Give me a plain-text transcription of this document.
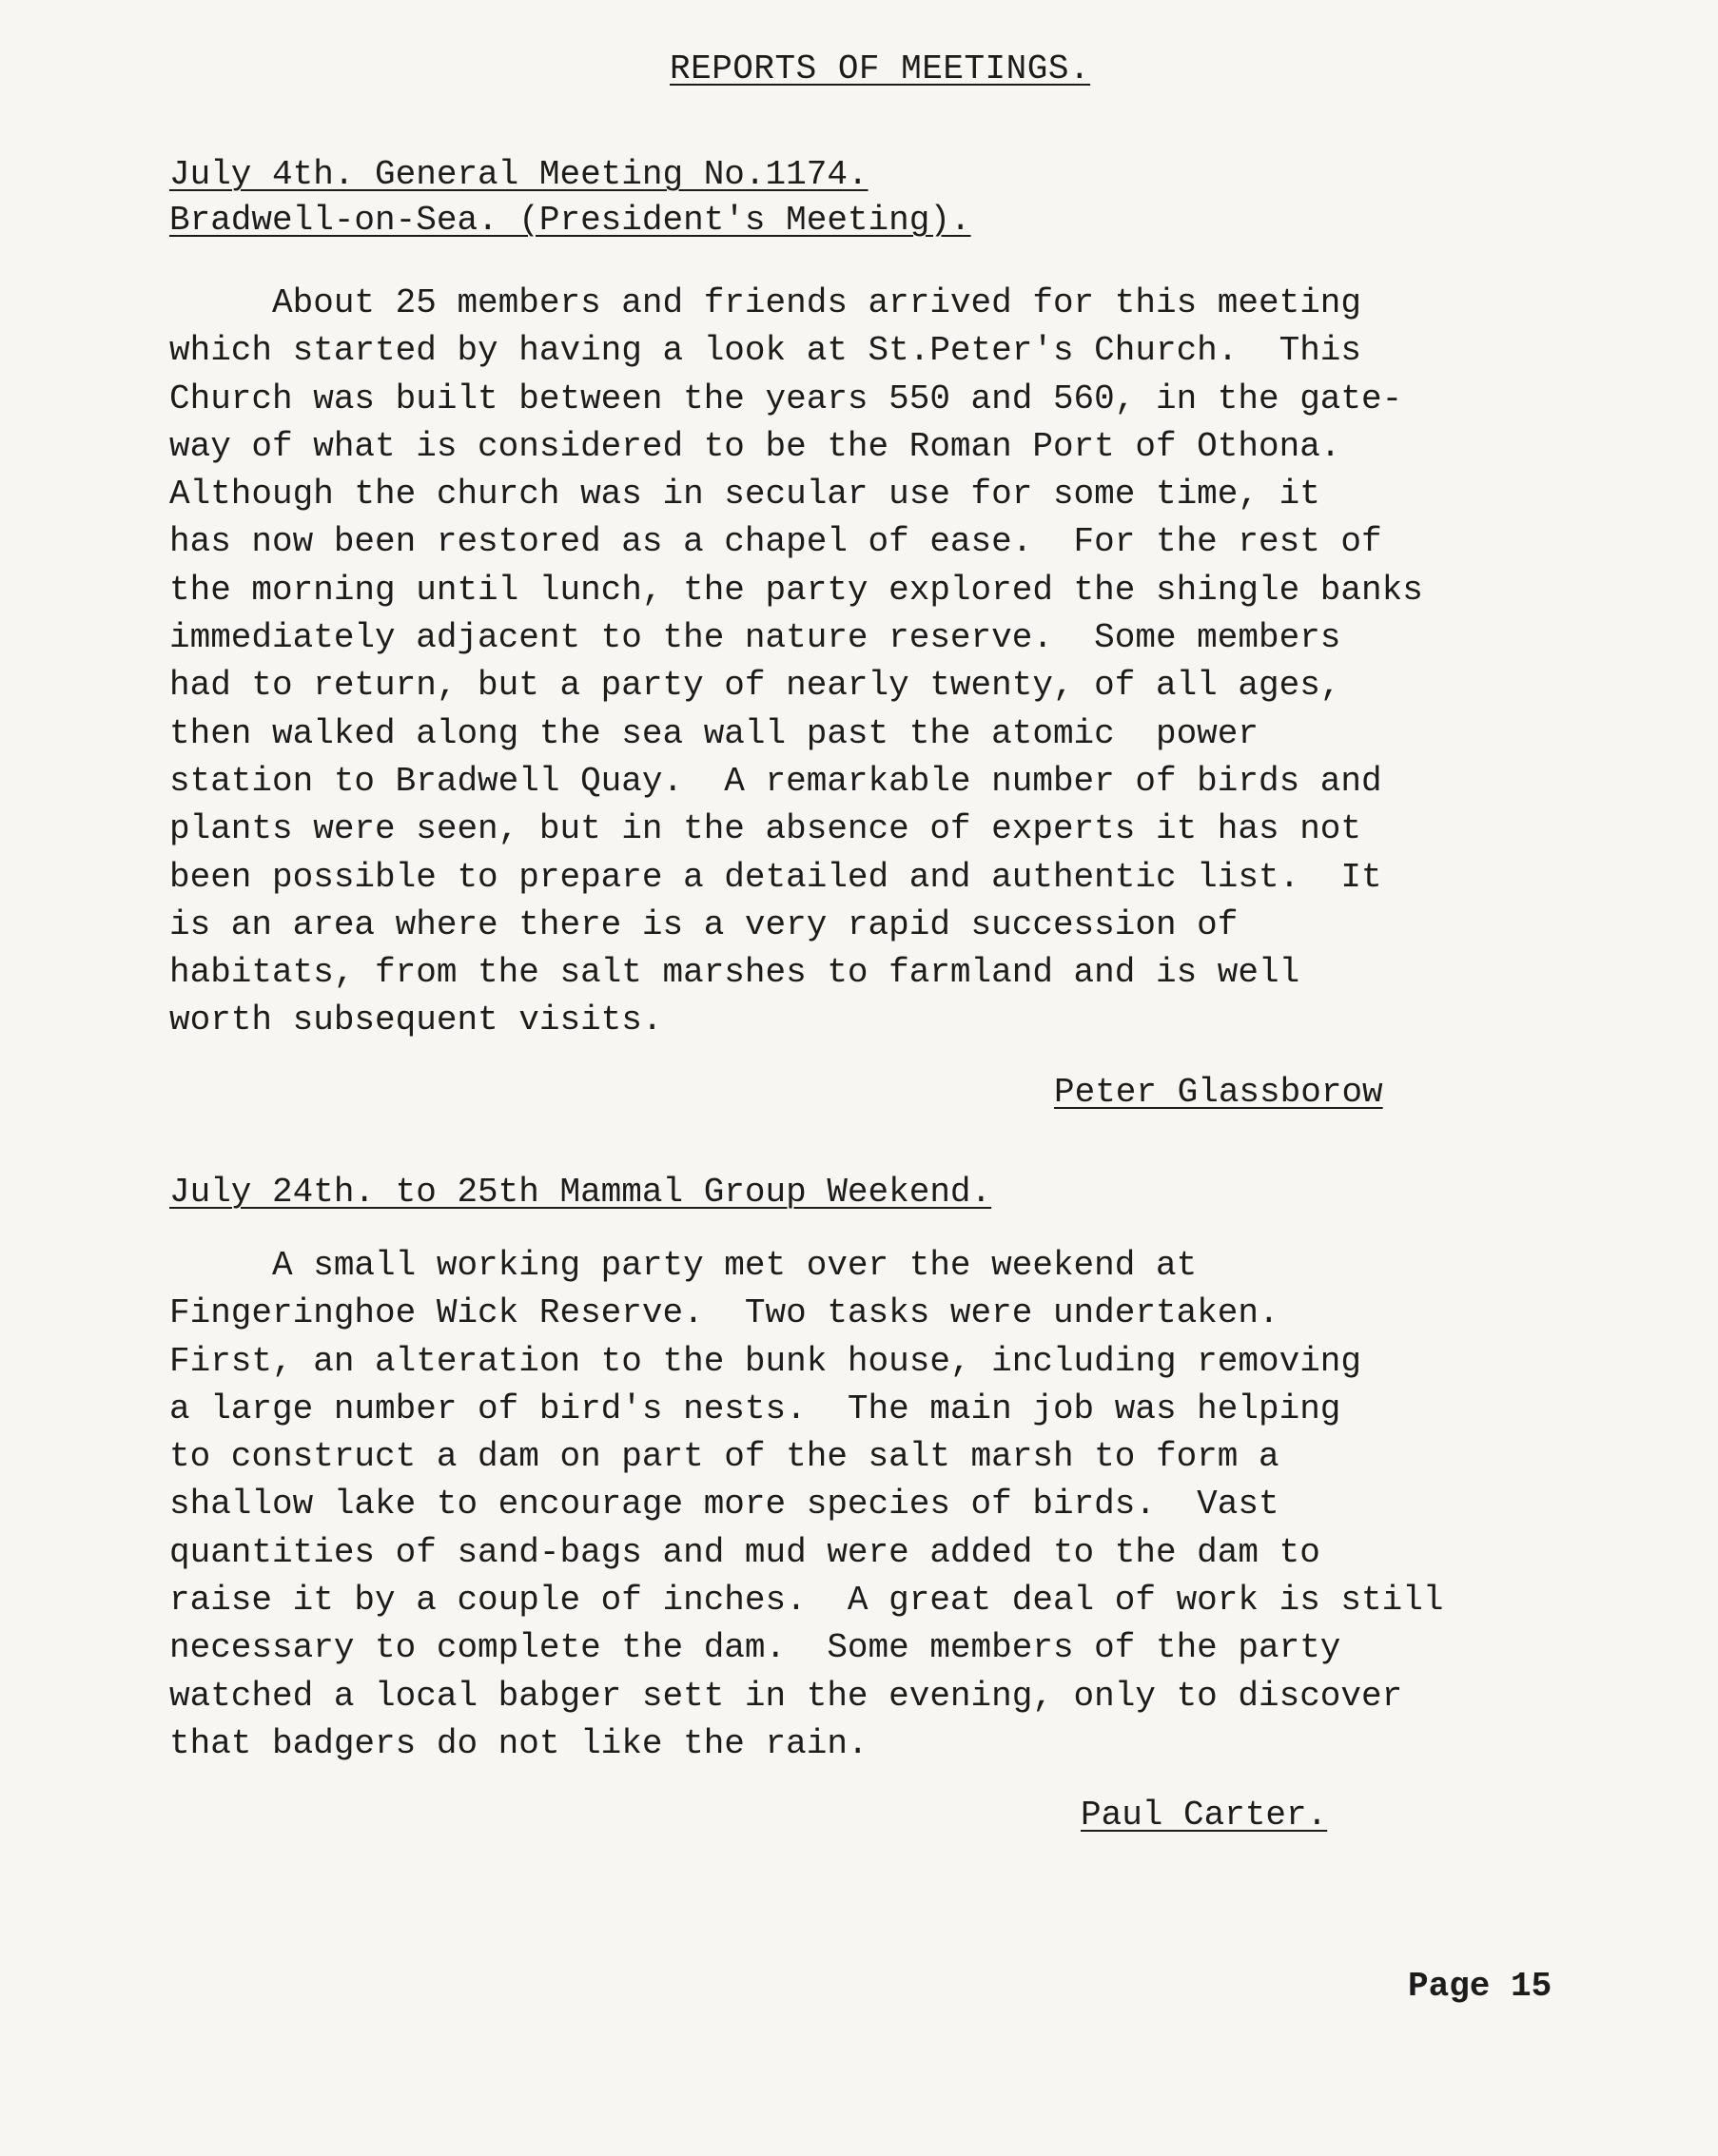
REPORTS OF MEETINGS.
July 4th. General Meeting No.1174.
Bradwell-on-Sea. (President's Meeting).

About 25 members and friends arrived for this meeting
which started by having a look at St.Peter's Church.  This
Church was built between the years 550 and 560, in the gate-
way of what is considered to be the Roman Port of Othona.
Although the church was in secular use for some time, it
has now been restored as a chapel of ease.  For the rest of
the morning until lunch, the party explored the shingle banks
immediately adjacent to the nature reserve.  Some members
had to return, but a party of nearly twenty, of all ages,
then walked along the sea wall past the atomic  power
station to Bradwell Quay.  A remarkable number of birds and
plants were seen, but in the absence of experts it has not
been possible to prepare a detailed and authentic list.  It
is an area where there is a very rapid succession of
habitats, from the salt marshes to farmland and is well
worth subsequent visits.

Peter Glassborow
July 24th. to 25th Mammal Group Weekend.

A small working party met over the weekend at
Fingeringhoe Wick Reserve.  Two tasks were undertaken.
First, an alteration to the bunk house, including removing
a large number of bird's nests.  The main job was helping
to construct a dam on part of the salt marsh to form a
shallow lake to encourage more species of birds.  Vast
quantities of sand-bags and mud were added to the dam to
raise it by a couple of inches.  A great deal of work is still
necessary to complete the dam.  Some members of the party
watched a local babger sett in the evening, only to discover
that badgers do not like the rain.

Paul Carter.
Page 15
